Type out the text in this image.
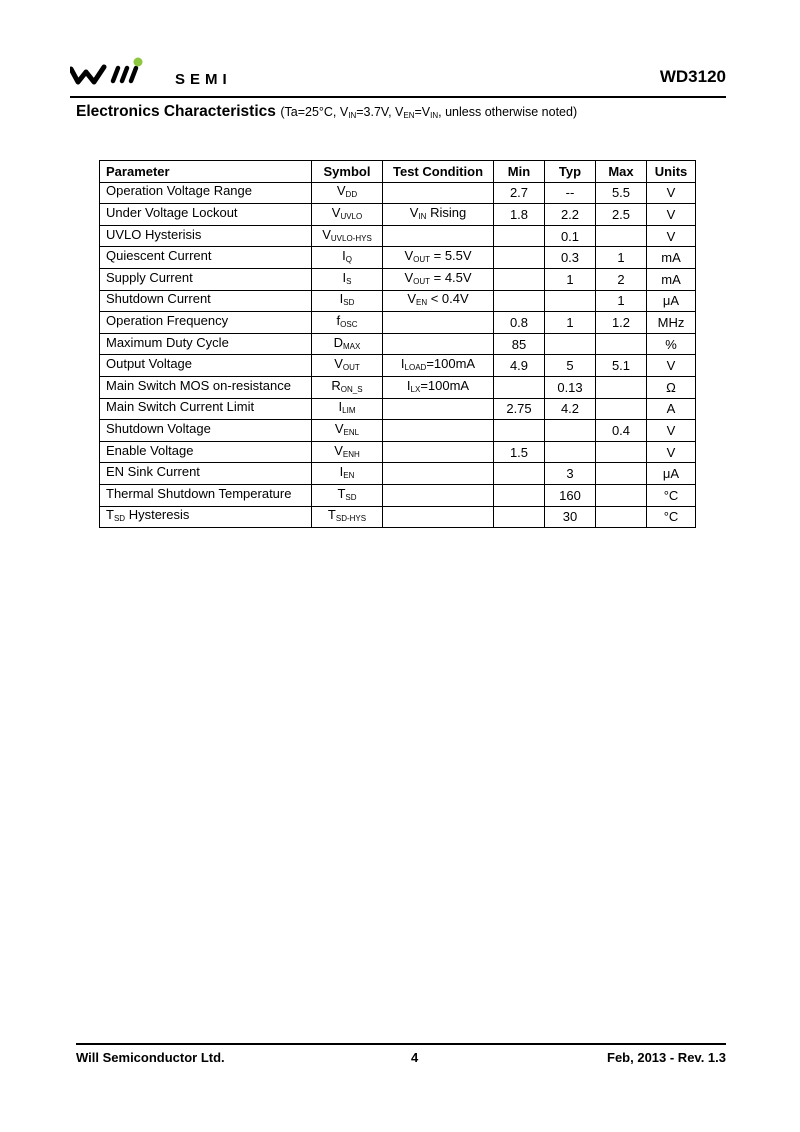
SEMI	WD3120
Electronics Characteristics (Ta=25°C, $V_{IN}=3.7V$, $V_{EN}=V_{IN}$, unless otherwise noted)
Parameter	Symbol	Test Condition	Min	Typ	Max	Units
Operation Voltage Range	$V_{DD}$		2.7	--	5.5	V
Under Voltage Lockout	$V_{UVLO}$	$V_{IN}$ Rising	1.8	2.2	2.5	V
UVLO Hysterisis	$V_{UVLO-HYS}$			0.1		V
Quiescent Current	$I_Q$	$V_{OUT} = 5.5V$		0.3	1	mA
Supply Current	$I_S$	$V_{OUT} = 4.5V$		1	2	mA
Shutdown Current	$I_{SD}$	$V_{EN} < 0.4V$			1	μA
Operation Frequency	$f_{OSC}$		0.8	1	1.2	MHz
Maximum Duty Cycle	$D_{MAX}$		85			%
Output Voltage	$V_{OUT}$	$I_{LOAD}=100mA$	4.9	5	5.1	V
Main Switch MOS on-resistance	$R_{ON\_S}$	$I_{LX}=100mA$		0.13		Ω
Main Switch Current Limit	$I_{LIM}$		2.75	4.2		A
Shutdown Voltage	$V_{ENL}$				0.4	V
Enable Voltage	$V_{ENH}$		1.5			V
EN Sink Current	$I_{EN}$			3		μA
Thermal Shutdown Temperature	$T_{SD}$			160		°C
$T_{SD}$ Hysteresis	$T_{SD-HYS}$			30		°C
Will Semiconductor Ltd.	4	Feb, 2013 - Rev. 1.3
